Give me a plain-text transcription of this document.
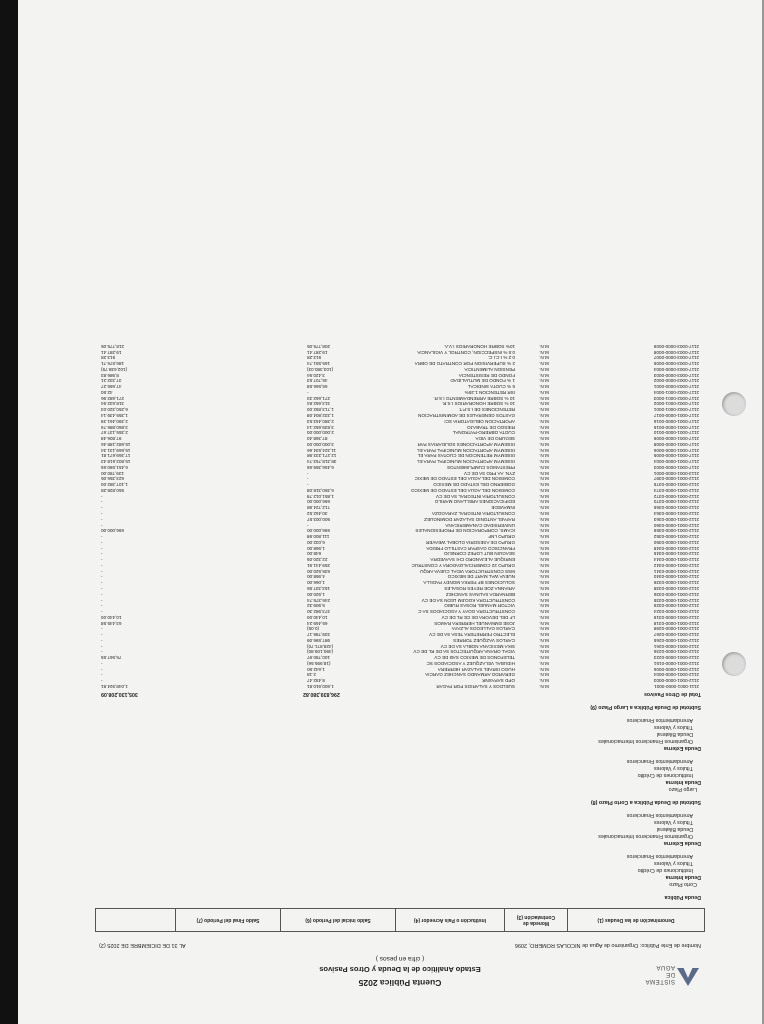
SISTEMA DE AGUA
Cuenta Pública 2025
Estado Analítico de la Deuda y Otros Pasivos
( cifra en pesos )
Nombre de Ente Público: Organismo de Agua de NICOLAS ROMERO, 2096
AL 31 DE DICIEMBRE DE 2025 (2)
Denominación de las Deudas (1)
Moneda de Contratación (3)
Institución o País Acreedor (4)
Saldo inicial del Periodo (6)
Saldo Final del Periodo (7)
Deuda Pública
Corto Plazo
Deuda Interna
Instituciones de Crédito
Títulos y Valores
Arrendamientos Financieros
Deuda Externa
Organismos Financieros Internacionales
Deuda Bilateral
Títulos y Valores
Arrendamientos Financieros
Subtotal de Deuda Pública a Corto Plazo (8)
Largo Plazo
Deuda Interna
Instituciones de Crédito
Títulos y Valores
Arrendamientos Financieros
Deuda Externa
Organismos Financieros Internacionales
Deuda Bilateral
Títulos y Valores
Arrendamientos Financieros
Subtotal de Deuda Pública a Largo Plazo (9)
Total de Otros Pasivos
296,839,380.82
305,130,208.09
2111-0001-0000-0001
M.N.
SUELDOS Y SALARIOS POR PAGAR
1,600,910.81
1,048,924.81
2112-0001-0000-0003
M.N.
OPD SAPASNR
8,492.47
-
2112-0001-0000-0004
M.N.
GERARDO ARMANDO SANCHEZ GARCIA
2.18
-
2112-0001-0000-0006
M.N.
HUGO ISRAEL SALAZAR HERRERA
1,642.50
-
2112-0001-0000-0151
M.N.
HIDUBAL VELAZQUEZ Y ASOCIADOS SC
(18,995.56)
-
2112-0001-0000-0223
M.N.
TELEFONOS DE MEXICO SAB DE CV
100,790.97
76,567.55
2112-0001-0000-0236
M.N.
VIDAL ORANA ARQUITECTOS SA DE RL DE CV
(490,109.80)
-
2112-0001-0000-0261
M.N.
SIKA MEXICANA NOBLA SA DE CV
(428,871.70)
-
2112-0001-0000-0265
M.N.
CARLOS VAZQUEZ TORRES
987,596.09
-
2112-0001-0000-0267
M.N.
ELECTRO FERRETERA TESA SA DE CV
339,795.17
-
2112-0001-0000-0298
M.N.
CARLOS GALLEGOS ALZAYA
(0.05)
-
2112-0001-0000-0318
M.N.
JOSE EMMANUEL HERRERA RAMOS
65,469.24
63,445.58
2112-0001-0000-0319
M.N.
LF DEL DEVORA DE CE RL DE CV
10,440.00
10,440.00
2112-0001-0000-0324
M.N.
CONSTRUCTORA GOAY Y ASOCIADOS SA C
373,982.30
-
2112-0001-0000-0329
M.N.
VICTOR MANUEL ROSAS RUBIO
5,909.32
-
2112-0001-0000-0335
M.N.
CONSTRUCTORA KOOJIM LEDN SA DE CV
246,375.74
-
2112-0001-0000-0336
M.N.
BERNARDA SALINAS SANCHEZ
1,920.00
-
2112-0001-0000-0338
M.N.
ARIANNA ZOE REYES ROSALES
153,337.55
-
2112-0001-0000-0339
M.N.
SOLUCIONES BF FERKA MONDY PADILLA
1,066.00
-
2112-0001-0000-0340
M.N.
NUEVA WAL MART DE MEXICO
4,958.00
-
2112-0001-0000-0341
M.N.
MSS CONSTRUCTORA VIDAL CUEVA ARQU
635,520.00
-
2112-0001-0000-0342
M.N.
GRUPO 22 COMERCIALIZADORA Y CONSTRUC
259,441.91
-
2112-0001-0000-0344
M.N.
ENRIQUE ALEJANDRO CHI SAAVEDRA
22,320.05
-
2112-0001-0000-0345
M.N.
SEAGUIN BUT LOPEZ CORNEJO
648.00
-
2112-0001-0000-0348
M.N.
FRANCISCO GASPAR CASTILLO FREIDA
1,968.00
-
2112-0001-0000-0350
M.N.
GRUPO DE ASESORIA GLOBAL WEAVER
6,032.00
-
2112-0001-0000-0352
M.N.
GRUPO LNF
111,800.98
-
2112-0001-0000-0359
M.N.
ICAMS, CORPORACION DE PROFESIONALES
696,000.00
696,000.00
2112-0001-0000-0360
M.N.
UNIVERSIDAD CANAMERICANA
-
-
2112-0001-0000-0363
M.N.
RAFAEL ANTONIO SALAZAR DOMINGUEZ
500,003.57
-
2112-0001-0000-0364
M.N.
CONSULTORIA INTEGRAL ZARAGOZA
30,462.52
-
2112-0001-0000-0365
M.N.
INMAVEDE
712,724.98
-
2112-0001-0000-0370
M.N.
EDIFICACIONES ARELLANO MARILO
696,000.00
-
2112-0001-0000-0372
M.N.
CONSULTORIA INTEGRAL SA DE CV
1,851,012.78
-
2112-0001-0000-0374
M.N.
COMISION DEL AGUA DEL ESTADO DE MEXICO
6,350,318.08
550,828.28
2112-0001-0000-0375
M.N.
GOBIERNO DEL ESTADO DE MEXICO
-
1,107,382.00
2112-0001-0000-0397
M.N.
COMISION DEL AGUA DEL ESTADO DE MEXIC
-
623,356.05
2113-0001-0000-0001
M.N.
ZYN. AA PRO SA DE CV
-
139,780.00
2117-0001-0000-0003
M.N.
PRESTAMOS CUMPLIMIENTOS
6,456,359.65
6,451,590.65
2117-0001-0000-0004
M.N.
ISSEMYM APORTACION MUNICIPAL PARA EL
38,318,753.74
15,802,618.43
2117-0001-0000-0005
M.N.
ISSEMYM RETENCION DE CUOTAS PARA EL
12,271,333.98
17,369,671.81
2117-0001-0000-0006
M.N.
ISSEMYM APORTACION MUNICIPAL PARA EL
11,324,534.66
15,669,131.34
2117-0001-0000-0008
M.N.
ISSEMYM APORTACIONES SOLIDARIAS PAR
3,000,000.00
15,682,188.46
2117-0001-0000-0009
M.N.
SEGURO DE VIDA
87,368.40
97,806.48
2117-0001-0000-0010
M.N.
CUOTA OBRERO-PATRONAL
2,000,000.00
2,355,137.67
2117-0001-0000-0015
M.N.
RIESGO DE TRABAJO
3,839,652.14
3,860,886.76
2117-0001-0000-0016
M.N.
APORTACION OBLIGATORIA SCI
2,380,463.53
2,390,461.39
2117-0001-0000-0017
M.N.
GASTOS GENERALES DE ADMINISTRACION
1,332,804.08
1,355,439.14
2117-0002-0001-0001
M.N.
RETENCIONES DE I.S.P.T.
1,713,892.00
6,250,320.03
2117-0002-0001-0002
M.N.
10 % SOBRE HONORARIOS I.S.R.
313,652.84
318,632.94
2117-0002-0001-0003
M.N.
10 % SOBRE ARRENDAMIENTO I.S.R.
271,662.33
271,682.96
2117-0002-0001-0004
M.N.
ISR RETENCION 1.25%
-
42.50
2117-0003-0000-0001
M.N.
5 % CUOTA SINDICAL
65,566.58
47,655.27
2117-0003-0000-0002
M.N.
1 % FONDO DE MUTUALIDAD
45,707.53
37,332.21
2117-0003-0000-0003
M.N.
FONDO DE RESISTENCIA
3,420.94
8,986.83
2117-0003-0000-0004
M.N.
PENSION ALIMENTICIA
(103,380.03)
(102,638.79)
2117-0003-0000-0005
M.N.
2 % SUPERVISION POR CONTRATO DE OBRA
165,551.74
186,576.71
2117-0003-0000-0007
M.N.
0.2 % I.C.I.C.
913.28
913.28
2117-0003-0000-0008
M.N.
0.5 % INSPECCION, CONTROL Y VIGILANCIA
19,287.41
19,287.41
2117-0003-0000-0009
M.N.
10% SOBRE HONORARIOS I.V.A.
208,775.05
218,775.05
